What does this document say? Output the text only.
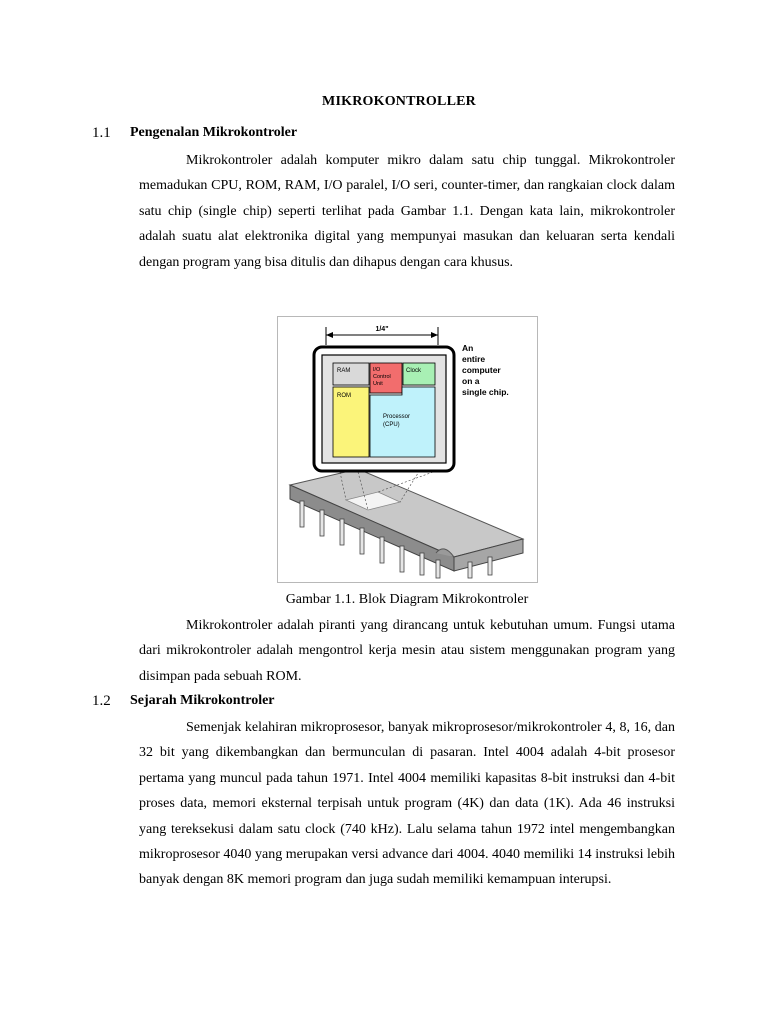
MIKROKONTROLLER
1.1 Pengenalan Mikrokontroler

Mikrokontroler adalah komputer mikro dalam satu chip tunggal. Mikrokontroler memadukan CPU, ROM, RAM, I/O paralel, I/O seri, counter-timer, dan rangkaian clock dalam satu chip (single chip) seperti terlihat pada Gambar 1.1. Dengan kata lain, mikrokontroler adalah suatu alat elektronika digital yang mempunyai masukan dan keluaran serta kendali dengan program yang bisa ditulis dan dihapus dengan cara khusus.

1/4"
RAM	I/O
Control
Unit
Clock
ROM
Processor
(CPU)
An
entire
computer
on a
single chip.
Gambar 1.1. Blok Diagram Mikrokontroler

Mikrokontroler adalah piranti yang dirancang untuk kebutuhan umum. Fungsi utama dari mikrokontroler adalah mengontrol kerja mesin atau sistem menggunakan program yang disimpan pada sebuah ROM.

1.2 Sejarah Mikrokontroler

Semenjak kelahiran mikroprosesor, banyak mikroprosesor/mikrokontroler 4, 8, 16, dan 32 bit yang dikembangkan dan bermunculan di pasaran. Intel 4004 adalah 4-bit prosesor pertama yang muncul pada tahun 1971. Intel 4004 memiliki kapasitas 8-bit instruksi dan 4-bit proses data, memori eksternal terpisah untuk program (4K) dan data (1K). Ada 46 instruksi yang tereksekusi dalam satu clock (740 kHz). Lalu selama tahun 1972 intel mengembangkan mikroprosesor 4040 yang merupakan versi advance dari 4004. 4040 memiliki 14 instruksi lebih banyak dengan 8K memori program dan juga sudah memiliki kemampuan interupsi.
